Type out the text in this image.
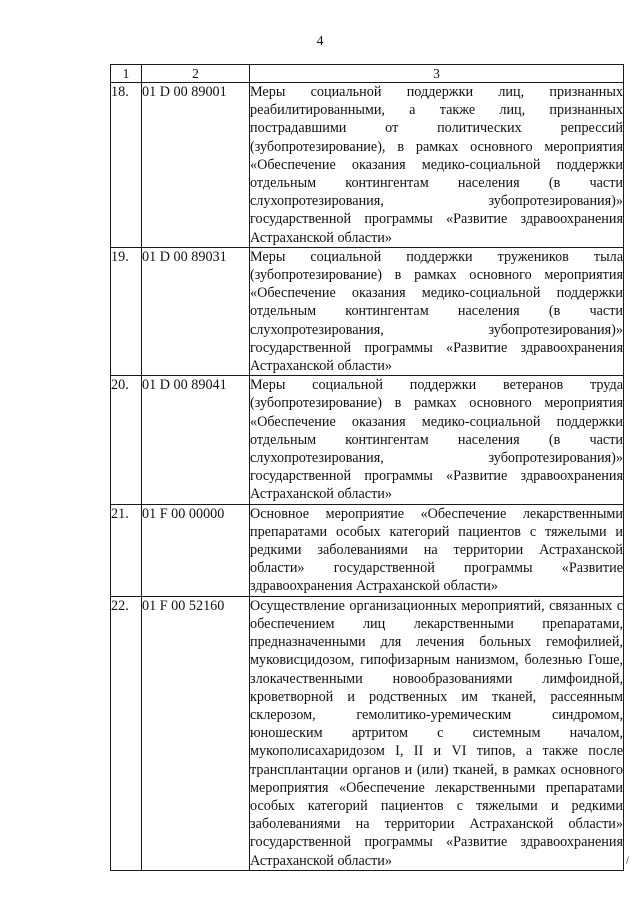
4
1	2	3
18.	01 D 00 89001	Меры социальной поддержки лиц, признанных реабилитированными, а также лиц, признанных пострадавшими от политических репрессий (зубопротезирование), в рамках основного мероприятия «Обеспечение оказания медико-социальной поддержки отдельным контингентам населения (в части слухопротезирования, зубопротезирования)» государственной программы «Развитие здравоохранения Астраханской области»
19.	01 D 00 89031	Меры социальной поддержки тружеников тыла (зубопротезирование) в рамках основного мероприятия «Обеспечение оказания медико-социальной поддержки отдельным контингентам населения (в части слухопротезирования, зубопротезирования)» государственной программы «Развитие здравоохранения Астраханской области»
20.	01 D 00 89041	Меры социальной поддержки ветеранов труда (зубопротезирование) в рамках основного мероприятия «Обеспечение оказания медико-социальной поддержки отдельным контингентам населения (в части слухопротезирования, зубопротезирования)» государственной программы «Развитие здравоохранения Астраханской области»
21.	01 F 00 00000	Основное мероприятие «Обеспечение лекарственными препаратами особых категорий пациентов с тяжелыми и редкими заболеваниями на территории Астраханской области» государственной программы «Развитие здравоохранения Астраханской области»
22.	01 F 00 52160	Осуществление организационных мероприятий, связанных с обеспечением лиц лекарственными препаратами, предназначенными для лечения больных гемофилией, муковисцидозом, гипофизарным нанизмом, болезнью Гоше, злокачественными новообразованиями лимфоидной, кроветворной и родственных им тканей, рассеянным склерозом, гемолитико-уремическим синдромом, юношеским артритом с системным началом, мукополисахаридозом I, II и VI типов, а также после трансплантации органов и (или) тканей, в рамках основного мероприятия «Обеспечение лекарственными препаратами особых категорий пациентов с тяжелыми и редкими заболеваниями на территории Астраханской области» государственной программы «Развитие здравоохранения Астраханской области»	/
